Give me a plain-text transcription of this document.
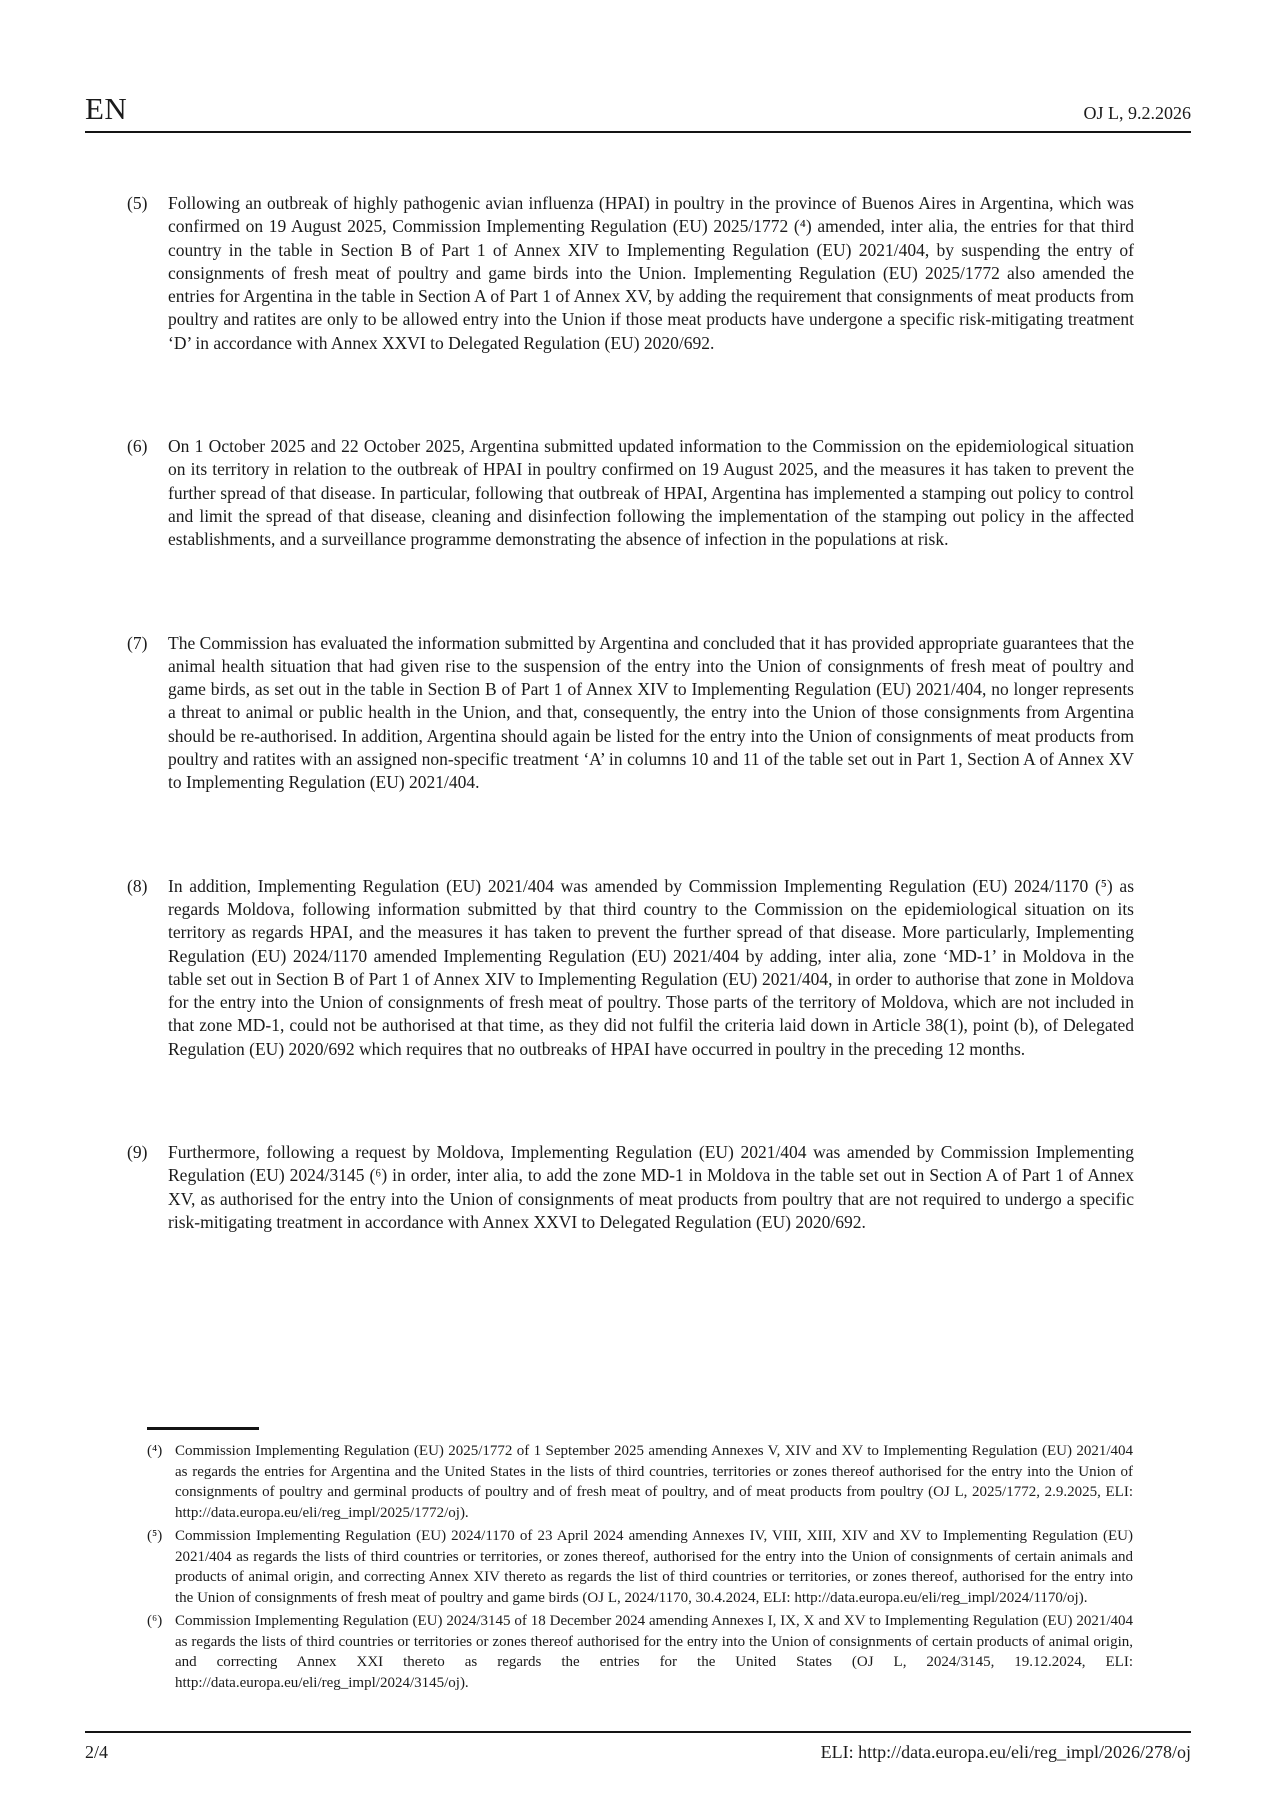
EN	OJ L, 9.2.2026
(5)	Following an outbreak of highly pathogenic avian influenza (HPAI) in poultry in the province of Buenos Aires in Argentina, which was confirmed on 19 August 2025, Commission Implementing Regulation (EU) 2025/1772 (⁴) amended, inter alia, the entries for that third country in the table in Section B of Part 1 of Annex XIV to Implementing Regulation (EU) 2021/404, by suspending the entry of consignments of fresh meat of poultry and game birds into the Union. Implementing Regulation (EU) 2025/1772 also amended the entries for Argentina in the table in Section A of Part 1 of Annex XV, by adding the requirement that consignments of meat products from poultry and ratites are only to be allowed entry into the Union if those meat products have undergone a specific risk-mitigating treatment ‘D’ in accordance with Annex XXVI to Delegated Regulation (EU) 2020/692.
(6)	On 1 October 2025 and 22 October 2025, Argentina submitted updated information to the Commission on the epidemiological situation on its territory in relation to the outbreak of HPAI in poultry confirmed on 19 August 2025, and the measures it has taken to prevent the further spread of that disease. In particular, following that outbreak of HPAI, Argentina has implemented a stamping out policy to control and limit the spread of that disease, cleaning and disinfection following the implementation of the stamping out policy in the affected establishments, and a surveillance programme demonstrating the absence of infection in the populations at risk.
(7)	The Commission has evaluated the information submitted by Argentina and concluded that it has provided appropriate guarantees that the animal health situation that had given rise to the suspension of the entry into the Union of consignments of fresh meat of poultry and game birds, as set out in the table in Section B of Part 1 of Annex XIV to Implementing Regulation (EU) 2021/404, no longer represents a threat to animal or public health in the Union, and that, consequently, the entry into the Union of those consignments from Argentina should be re-authorised. In addition, Argentina should again be listed for the entry into the Union of consignments of meat products from poultry and ratites with an assigned non-specific treatment ‘A’ in columns 10 and 11 of the table set out in Part 1, Section A of Annex XV to Implementing Regulation (EU) 2021/404.
(8)	In addition, Implementing Regulation (EU) 2021/404 was amended by Commission Implementing Regulation (EU) 2024/1170 (⁵) as regards Moldova, following information submitted by that third country to the Commission on the epidemiological situation on its territory as regards HPAI, and the measures it has taken to prevent the further spread of that disease. More particularly, Implementing Regulation (EU) 2024/1170 amended Implementing Regulation (EU) 2021/404 by adding, inter alia, zone ‘MD-1’ in Moldova in the table set out in Section B of Part 1 of Annex XIV to Implementing Regulation (EU) 2021/404, in order to authorise that zone in Moldova for the entry into the Union of consignments of fresh meat of poultry. Those parts of the territory of Moldova, which are not included in that zone MD-1, could not be authorised at that time, as they did not fulfil the criteria laid down in Article 38(1), point (b), of Delegated Regulation (EU) 2020/692 which requires that no outbreaks of HPAI have occurred in poultry in the preceding 12 months.
(9)	Furthermore, following a request by Moldova, Implementing Regulation (EU) 2021/404 was amended by Commission Implementing Regulation (EU) 2024/3145 (⁶) in order, inter alia, to add the zone MD-1 in Moldova in the table set out in Section A of Part 1 of Annex XV, as authorised for the entry into the Union of consignments of meat products from poultry that are not required to undergo a specific risk-mitigating treatment in accordance with Annex XXVI to Delegated Regulation (EU) 2020/692.
(⁴) Commission Implementing Regulation (EU) 2025/1772 of 1 September 2025 amending Annexes V, XIV and XV to Implementing Regulation (EU) 2021/404 as regards the entries for Argentina and the United States in the lists of third countries, territories or zones thereof authorised for the entry into the Union of consignments of poultry and germinal products of poultry and of fresh meat of poultry, and of meat products from poultry (OJ L, 2025/1772, 2.9.2025, ELI: http://data.europa.eu/eli/reg_impl/2025/1772/oj).
(⁵) Commission Implementing Regulation (EU) 2024/1170 of 23 April 2024 amending Annexes IV, VIII, XIII, XIV and XV to Implementing Regulation (EU) 2021/404 as regards the lists of third countries or territories, or zones thereof, authorised for the entry into the Union of consignments of certain animals and products of animal origin, and correcting Annex XIV thereto as regards the list of third countries or territories, or zones thereof, authorised for the entry into the Union of consignments of fresh meat of poultry and game birds (OJ L, 2024/1170, 30.4.2024, ELI: http://data.europa.eu/eli/reg_impl/2024/1170/oj).
(⁶) Commission Implementing Regulation (EU) 2024/3145 of 18 December 2024 amending Annexes I, IX, X and XV to Implementing Regulation (EU) 2021/404 as regards the lists of third countries or territories or zones thereof authorised for the entry into the Union of consignments of certain products of animal origin, and correcting Annex XXI thereto as regards the entries for the United States (OJ L, 2024/3145, 19.12.2024, ELI: http://data.europa.eu/eli/reg_impl/2024/3145/oj).
2/4	ELI: http://data.europa.eu/eli/reg_impl/2026/278/oj
